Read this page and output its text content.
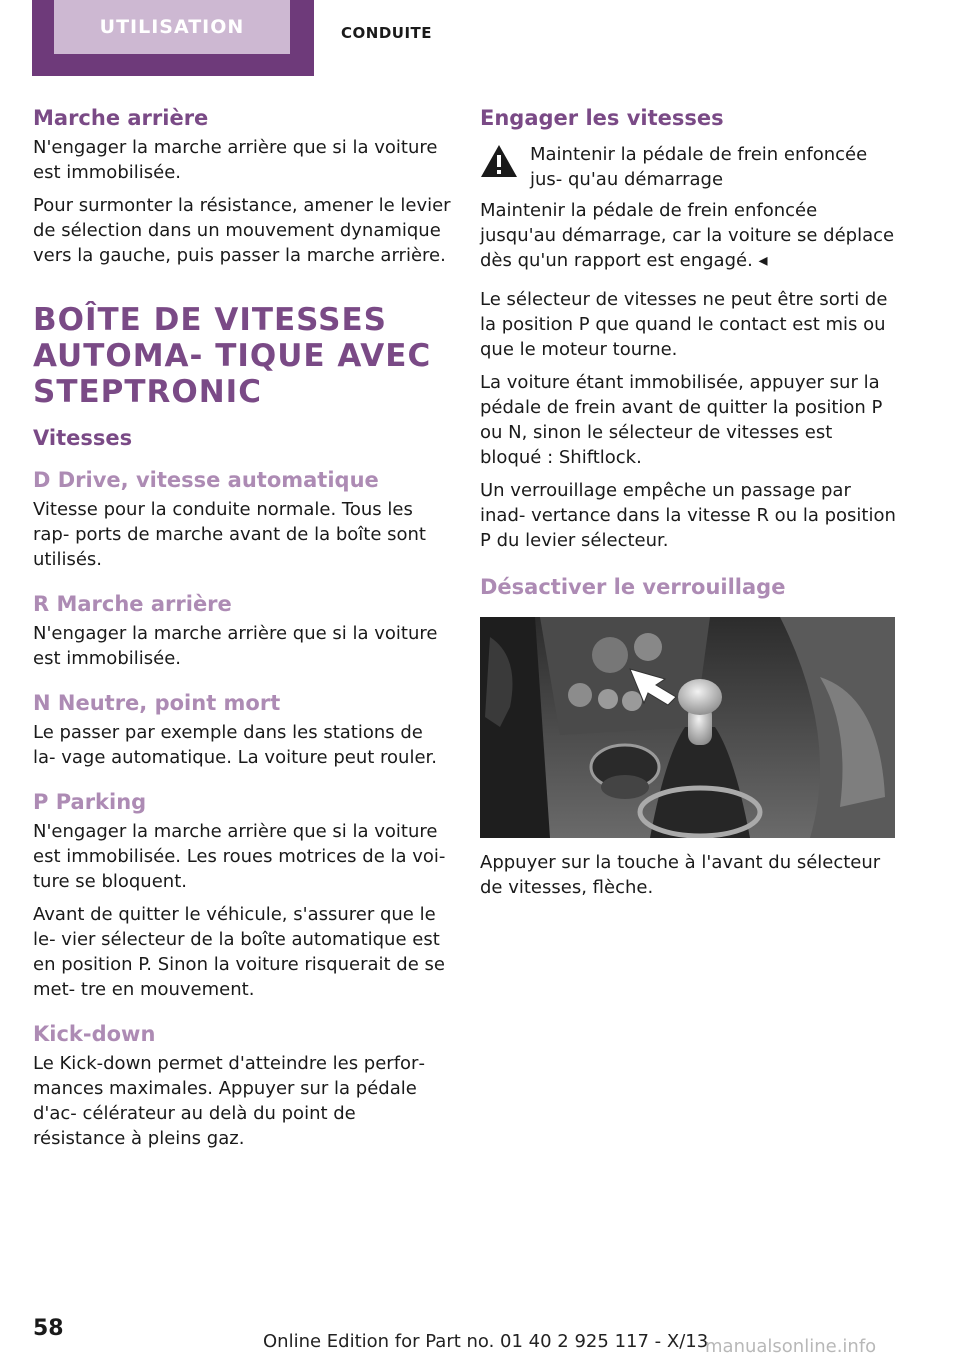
UTILISATION	CONDUITE
Marche arrière

N'engager la marche arrière que si la voiture est immobilisée.

Pour surmonter la résistance, amener le levier de sélection dans un mouvement dynamique vers la gauche, puis passer la marche arrière.

BOÎTE DE VITESSES AUTOMA‐ TIQUE AVEC STEPTRONIC
Vitesses
D Drive, vitesse automatique

Vitesse pour la conduite normale. Tous les rap‐ ports de marche avant de la boîte sont utilisés.

R Marche arrière

N'engager la marche arrière que si la voiture est immobilisée.

N Neutre, point mort

Le passer par exemple dans les stations de la‐ vage automatique. La voiture peut rouler.

P Parking

N'engager la marche arrière que si la voiture est immobilisée. Les roues motrices de la voi‐ ture se bloquent.

Avant de quitter le véhicule, s'assurer que le le‐ vier sélecteur de la boîte automatique est en position P. Sinon la voiture risquerait de se met‐ tre en mouvement.

Kick-down

Le Kick-down permet d'atteindre les perfor‐ mances maximales. Appuyer sur la pédale d'ac‐ célérateur au delà du point de résistance à pleins gaz.

Engager les vitesses

Maintenir la pédale de frein enfoncée jus‐ qu'au démarrage

Maintenir la pédale de frein enfoncée jusqu'au démarrage, car la voiture se déplace dès qu'un rapport est engagé. ◂

Le sélecteur de vitesses ne peut être sorti de la position P que quand le contact est mis ou que le moteur tourne.

La voiture étant immobilisée, appuyer sur la pédale de frein avant de quitter la position P ou N, sinon le sélecteur de vitesses est bloqué : Shiftlock.

Un verrouillage empêche un passage par inad‐ vertance dans la vitesse R ou la position P du levier sélecteur.

Désactiver le verrouillage

Appuyer sur la touche à l'avant du sélecteur de vitesses, flèche.

58
Online Edition for Part no. 01 40 2 925 117 - X/13
manualsonline.info
